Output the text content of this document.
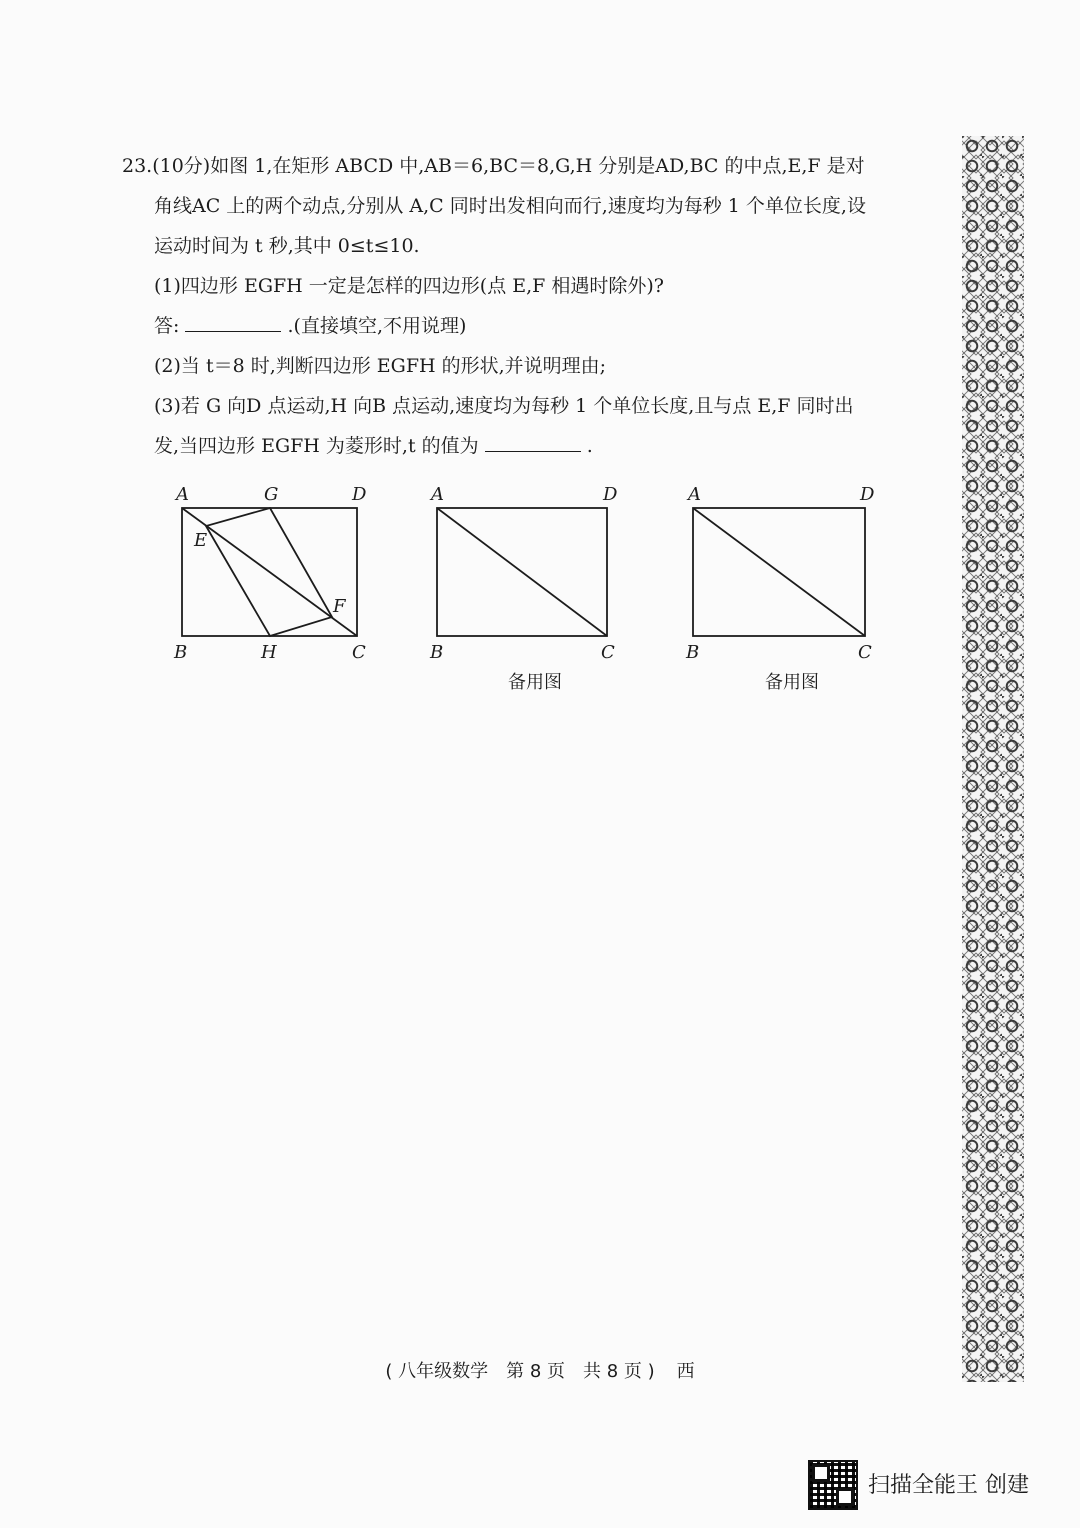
23.(10分)如图 1,在矩形 ABCD 中,AB＝6,BC＝8,G,H 分别是AD,BC 的中点,E,F 是对

角线AC 上的两个动点,分别从 A,C 同时出发相向而行,速度均为每秒 1 个单位长度,设

运动时间为 t 秒,其中 0≤t≤10.

(1)四边形 EGFH 一定是怎样的四边形(点 E,F 相遇时除外)?

答:	.(直接填空,不用说理)

(2)当 t＝8 时,判断四边形 EGFH 的形状,并说明理由;

(3)若 G 向D 点运动,H 向B 点运动,速度均为每秒 1 个单位长度,且与点 E,F 同时出

发,当四边形 EGFH 为菱形时,t 的值为	.

A	G	D
E
F
B	H	C
A	D
B	C
备用图
A	D
B	C
备用图
( 八年级数学　第 8 页　共 8 页 ) 西
扫描全能王 创建
